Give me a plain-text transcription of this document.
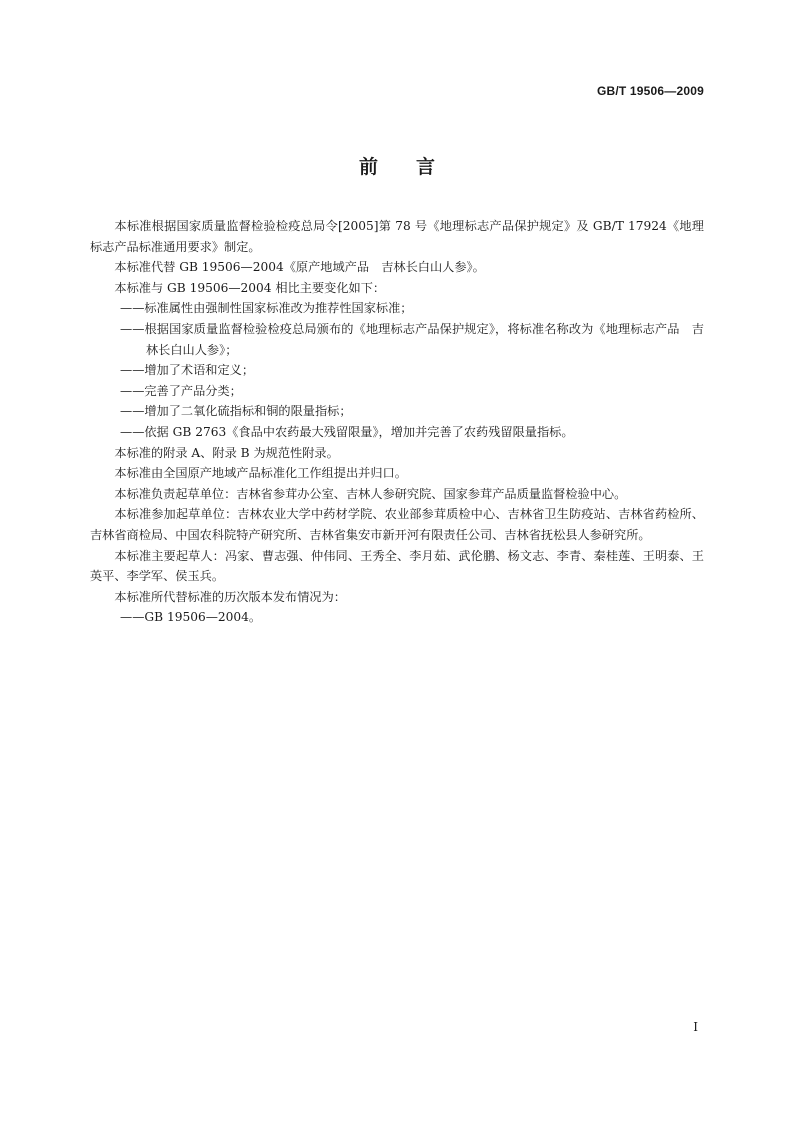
GB/T 19506—2009
前　　言

本标准根据国家质量监督检验检疫总局令[2005]第 78 号《地理标志产品保护规定》及 GB/T 17924《地理标志产品标准通用要求》制定。

本标准代替 GB 19506—2004《原产地域产品　吉林长白山人参》。

本标准与 GB 19506—2004 相比主要变化如下：

——标准属性由强制性国家标准改为推荐性国家标准；

——根据国家质量监督检验检疫总局颁布的《地理标志产品保护规定》，将标准名称改为《地理标志产品　吉林长白山人参》；

——增加了术语和定义；

——完善了产品分类；

——增加了二氧化硫指标和铜的限量指标；

——依据 GB 2763《食品中农药最大残留限量》，增加并完善了农药残留限量指标。

本标准的附录 A、附录 B 为规范性附录。

本标准由全国原产地域产品标准化工作组提出并归口。

本标准负责起草单位：吉林省参茸办公室、吉林人参研究院、国家参茸产品质量监督检验中心。

本标准参加起草单位：吉林农业大学中药材学院、农业部参茸质检中心、吉林省卫生防疫站、吉林省药检所、吉林省商检局、中国农科院特产研究所、吉林省集安市新开河有限责任公司、吉林省抚松县人参研究所。

本标准主要起草人：冯家、曹志强、仲伟同、王秀全、李月茹、武伦鹏、杨文志、李青、秦桂莲、王明泰、王英平、李学军、侯玉兵。

本标准所代替标准的历次版本发布情况为：

——GB 19506—2004。

I
